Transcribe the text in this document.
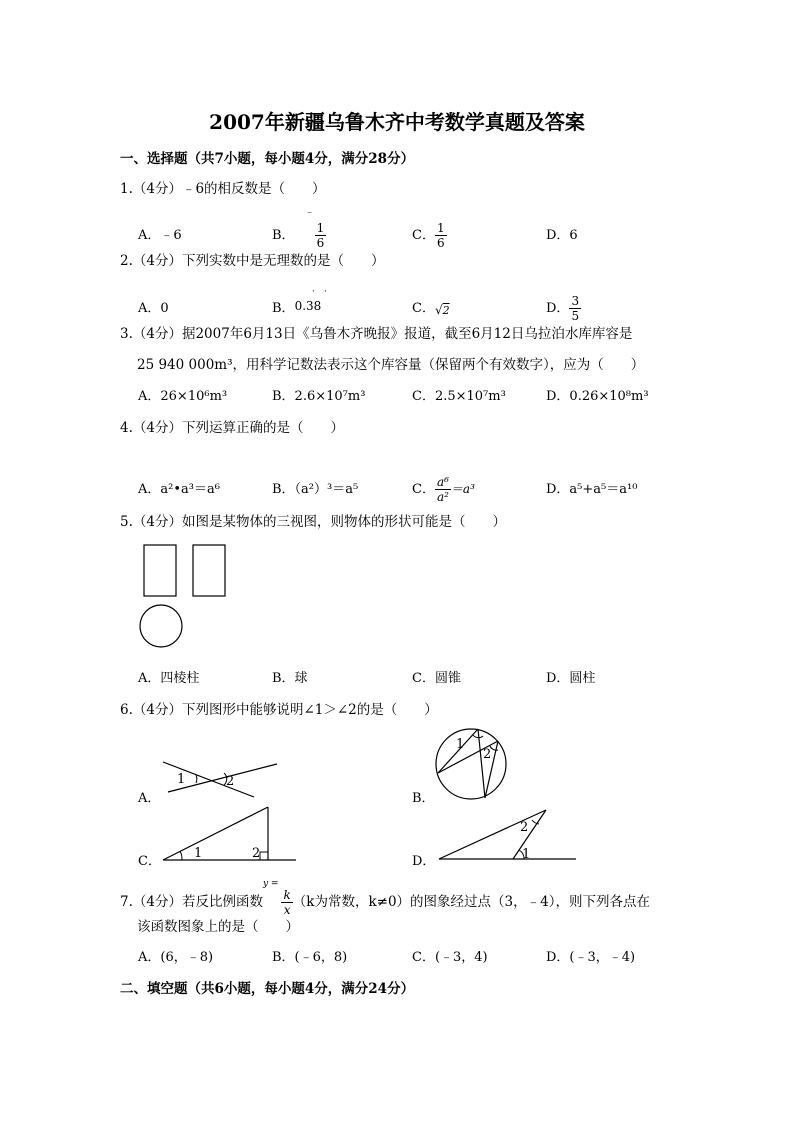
2007年新疆乌鲁木齐中考数学真题及答案
一、选择题（共7小题，每小题4分，满分28分）
1.（4分）﹣6的相反数是（　　）
A．﹣6	B．﹣
$\frac{1}{6}$	C． $\frac{1}{6}$	D．6
2.（4分）下列实数中是无理数的是（　　）
A．0	B．0.38
· ·
C．√2	D． $\frac{3}{5}$
3.（4分）据2007年6月13日《乌鲁木齐晚报》报道，截至6月12日乌拉泊水库库容是
25 940 000m³，用科学记数法表示这个库容量（保留两个有效数字），应为（　　）
A．26×10⁶m³	B．2.6×10⁷m³	C．2.5×10⁷m³	D．0.26×10⁸m³
4.（4分）下列运算正确的是（　　）
A．a²•a³＝a⁶	B．（a²）³＝a⁵	C． $\frac{\text{a⁶}}{\text{a²}} =a^3$	D．a⁵+a⁵＝a¹⁰
5.（4分）如图是某物体的三视图，则物体的形状可能是（　　）
A．四棱柱	B．球	C．圆锥	D．圆柱
6.（4分）下列图形中能够说明∠1＞∠2的是（　　）
A．
1	2
B．
1
2
C．
1	2
D．	1
2
7.（4分）若反比例函数y =
$\frac{k}{x} (k$为常数，k≠0）的图象经过点（3，﹣4），则下列各点在
该函数图象上的是（　　）
A．(6，﹣8)	B．(﹣6，8)	C．(﹣3，4)	D．(﹣3，﹣4)
二、填空题（共6小题，每小题4分，满分24分）
